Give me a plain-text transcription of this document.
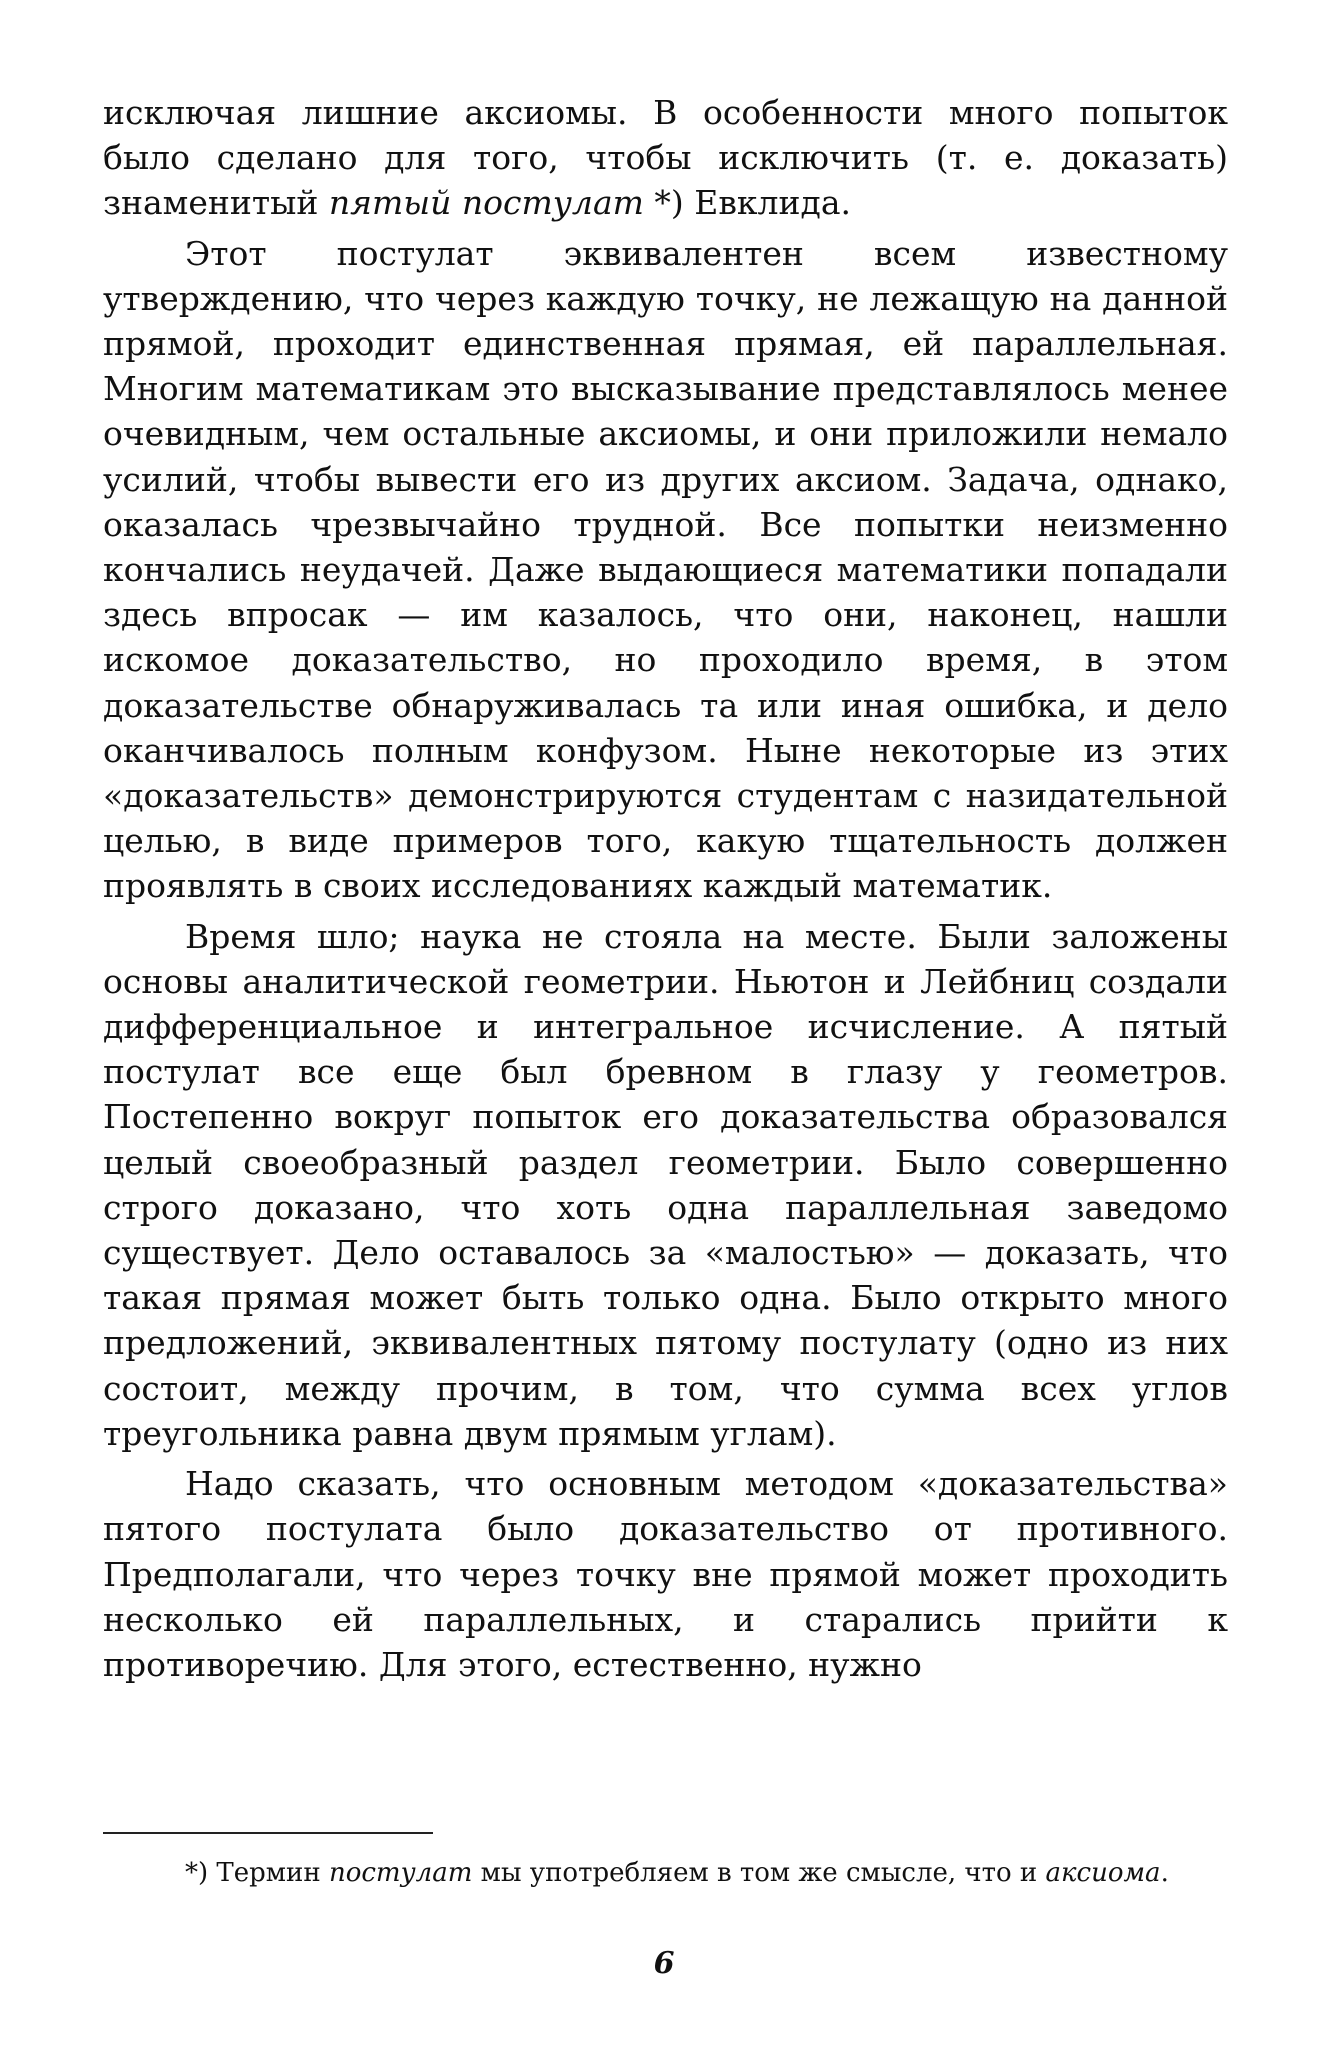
исключая лишние аксиомы. В особенности много попыток было сделано для того, чтобы исключить (т. е. доказать) знаменитый пятый постулат *) Евклида.

Этот постулат эквивалентен всем известному утверждению, что через каждую точку, не лежащую на данной прямой, проходит единственная прямая, ей параллельная. Многим математикам это высказывание представлялось менее очевидным, чем остальные аксиомы, и они приложили немало усилий, чтобы вывести его из других аксиом. Задача, однако, оказалась чрезвычайно трудной. Все попытки неизменно кончались неудачей. Даже выдающиеся математики попадали здесь впросак — им казалось, что они, наконец, нашли искомое доказательство, но проходило время, в этом доказательстве обнаруживалась та или иная ошибка, и дело оканчивалось полным конфузом. Ныне некоторые из этих «доказательств» демонстрируются студентам с назидательной целью, в виде примеров того, какую тщательность должен проявлять в своих исследованиях каждый математик.

Время шло; наука не стояла на месте. Были заложены основы аналитической геометрии. Ньютон и Лейбниц создали дифференциальное и интегральное исчисление. А пятый постулат все еще был бревном в глазу у геометров. Постепенно вокруг попыток его доказательства образовался целый своеобразный раздел геометрии. Было совершенно строго доказано, что хоть одна параллельная заведомо существует. Дело оставалось за «малостью» — доказать, что такая прямая может быть только одна. Было открыто много предложений, эквивалентных пятому постулату (одно из них состоит, между прочим, в том, что сумма всех углов треугольника равна двум прямым углам).

Надо сказать, что основным методом «доказательства» пятого постулата было доказательство от противного. Предполагали, что через точку вне прямой может проходить несколько ей параллельных, и старались прийти к противоречию. Для этого, естественно, нужно

*) Термин постулат мы употребляем в том же смысле, что и аксиома.
6
